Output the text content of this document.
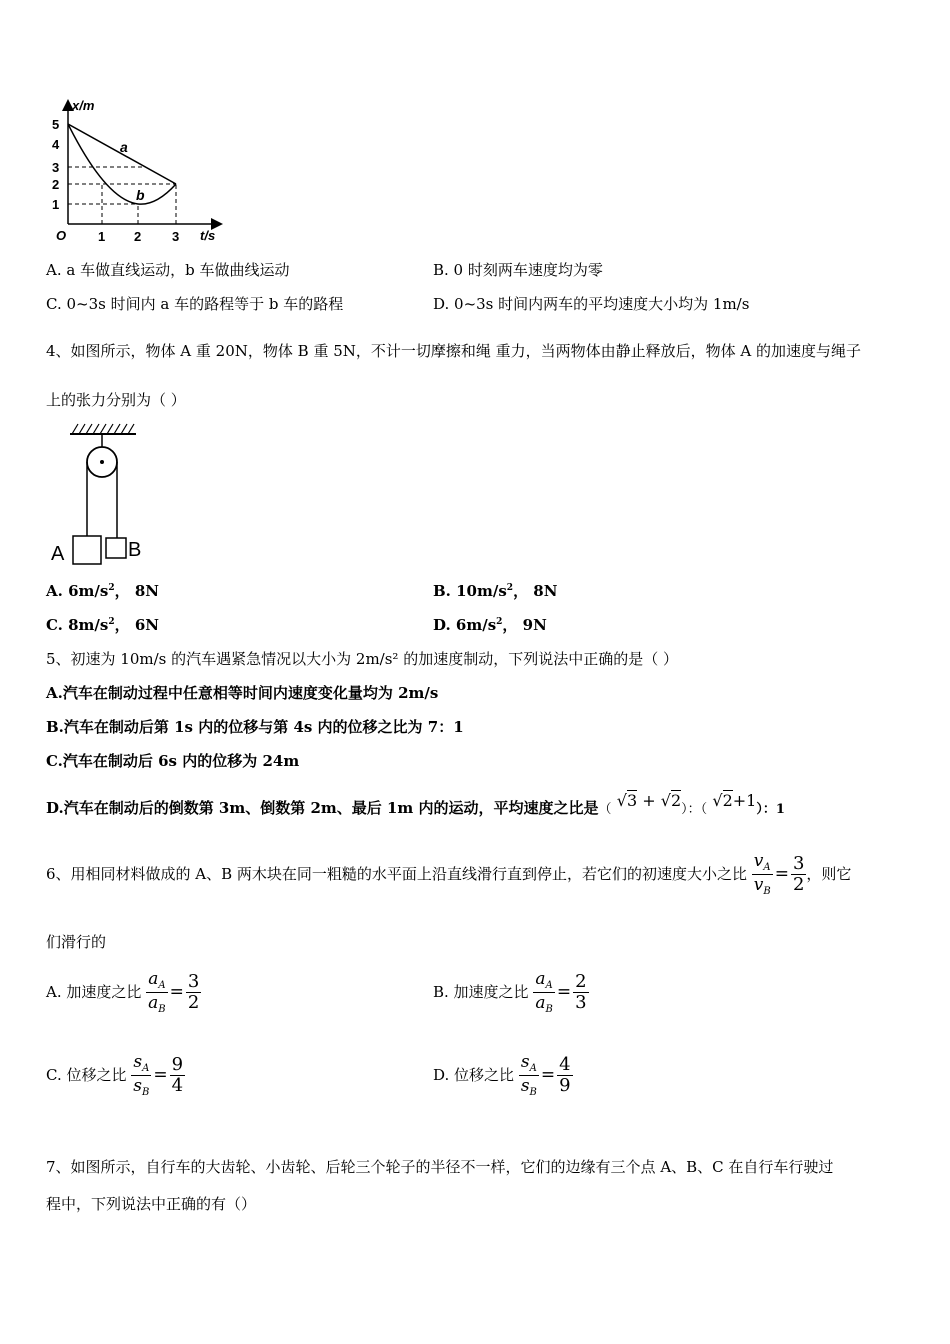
x/m
t/s
O
5
4
3
2
1
1 2 3
a
b
A. a 车做直线运动，b 车做曲线运动	B. 0 时刻两车速度均为零
C. 0~3s 时间内 a 车的路程等于 b 车的路程	D. 0~3s 时间内两车的平均速度大小均为 1m/s
4、如图所示，物体 A 重 20N，物体 B 重 5N，不计一切摩擦和绳 重力，当两物体由静止释放后，物体 A 的加速度与绳子
上的张力分别为（ ）
A	B
A. $6m/s^2$， 8N	B. $10m/s^2$， 8N
C. $8m/s^2$， 6N	D. $6m/s^2$， 9N
5、初速为 10m/s 的汽车遇紧急情况以大小为 2m/s² 的加速度制动，下列说法中正确的是（ ）
A.汽车在制动过程中任意相等时间内速度变化量均为 2m/s
B.汽车在制动后第 1s 内的位移与第 4s 内的位移之比为 7：1
C.汽车在制动后 6s 内的位移为 24m
D.汽车在制动后的倒数第 3m、倒数第 2m、最后 1m 内的运动，平均速度之比是（ √3 + √2）：（ √2+1）：1
6、用相同材料做成的 A、B 两木块在同一粗糙的水平面上沿直线滑行直到停止，若它们的初速度大小之比 $\frac{v_A}{v_B} = \frac{3}{2}$ ，则它
们滑行的
A. 加速度之比 $\frac{a_A}{a_B} = \frac{3}{2}$	B. 加速度之比 $\frac{a_A}{a_B} = \frac{2}{3}$
C. 位移之比 $\frac{s_A}{s_B} = \frac{9}{4}$	D. 位移之比 $\frac{s_A}{s_B} = \frac{4}{9}$
7、如图所示，自行车的大齿轮、小齿轮、后轮三个轮子的半径不一样，它们的边缘有三个点 A、B、C 在自行车行驶过
程中，下列说法中正确的有（）
